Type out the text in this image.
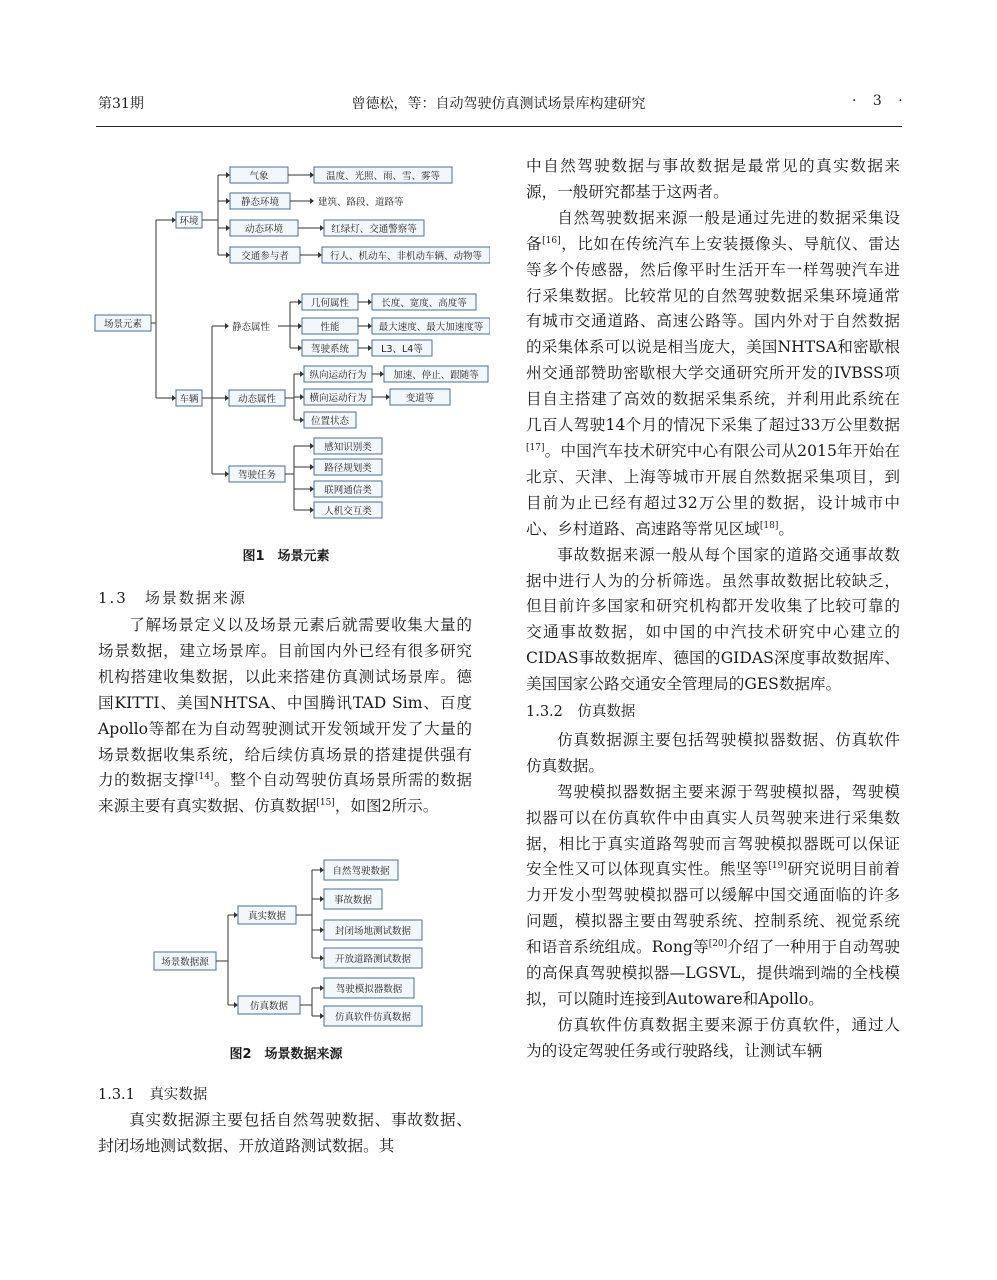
第31期	曾德松，等：自动驾驶仿真测试场景库构建研究	· 3 ·
场景元素
环境
气象	温度、光照、雨、雪、雾等
静态环境	建筑、路段、道路等
动态环境	红绿灯、交通警察等
交通参与者	行人、机动车、非机动车辆、动物等
车辆
静态属性
几何属性	长度、宽度、高度等
性能	最大速度、最大加速度等
驾驶系统	L3、L4等
动态属性
纵向运动行为	加速、停止、跟随等
横向运动行为	变道等
位置状态
驾驶任务
感知识别类
路径规划类
联网通信类
人机交互类
图1　场景元素
1.3　场景数据来源

了解场景定义以及场景元素后就需要收集大量的场景数据，建立场景库。目前国内外已经有很多研究机构搭建收集数据，以此来搭建仿真测试场景库。德国KITTI、美国NHTSA、中国腾讯TAD Sim、百度Apollo等都在为自动驾驶测试开发领域开发了大量的场景数据收集系统，给后续仿真场景的搭建提供强有力的数据支撑[14]。整个自动驾驶仿真场景所需的数据来源主要有真实数据、仿真数据[15]，如图2所示。

场景数据源
真实数据
自然驾驶数据
事故数据
封闭场地测试数据
开放道路测试数据
仿真数据
驾驶模拟器数据
仿真软件仿真数据
图2　场景数据来源
1.3.1　真实数据

真实数据源主要包括自然驾驶数据、事故数据、封闭场地测试数据、开放道路测试数据。其

中自然驾驶数据与事故数据是最常见的真实数据来源，一般研究都基于这两者。

自然驾驶数据来源一般是通过先进的数据采集设备[16]，比如在传统汽车上安装摄像头、导航仪、雷达等多个传感器，然后像平时生活开车一样驾驶汽车进行采集数据。比较常见的自然驾驶数据采集环境通常有城市交通道路、高速公路等。国内外对于自然数据的采集体系可以说是相当庞大，美国NHTSA和密歇根州交通部赞助密歇根大学交通研究所开发的IVBSS项目自主搭建了高效的数据采集系统，并利用此系统在几百人驾驶14个月的情况下采集了超过33万公里数据[17]。中国汽车技术研究中心有限公司从2015年开始在北京、天津、上海等城市开展自然数据采集项目，到目前为止已经有超过32万公里的数据，设计城市中心、乡村道路、高速路等常见区域[18]。

事故数据来源一般从每个国家的道路交通事故数据中进行人为的分析筛选。虽然事故数据比较缺乏，但目前许多国家和研究机构都开发收集了比较可靠的交通事故数据，如中国的中汽技术研究中心建立的CIDAS事故数据库、德国的GIDAS深度事故数据库、美国国家公路交通安全管理局的GES数据库。

1.3.2　仿真数据

仿真数据源主要包括驾驶模拟器数据、仿真软件仿真数据。

驾驶模拟器数据主要来源于驾驶模拟器，驾驶模拟器可以在仿真软件中由真实人员驾驶来进行采集数据，相比于真实道路驾驶而言驾驶模拟器既可以保证安全性又可以体现真实性。熊坚等[19]研究说明目前着力开发小型驾驶模拟器可以缓解中国交通面临的许多问题，模拟器主要由驾驶系统、控制系统、视觉系统和语音系统组成。Rong等[20]介绍了一种用于自动驾驶的高保真驾驶模拟器—LGSVL，提供端到端的全栈模拟，可以随时连接到Autoware和Apollo。

仿真软件仿真数据主要来源于仿真软件，通过人为的设定驾驶任务或行驶路线，让测试车辆
